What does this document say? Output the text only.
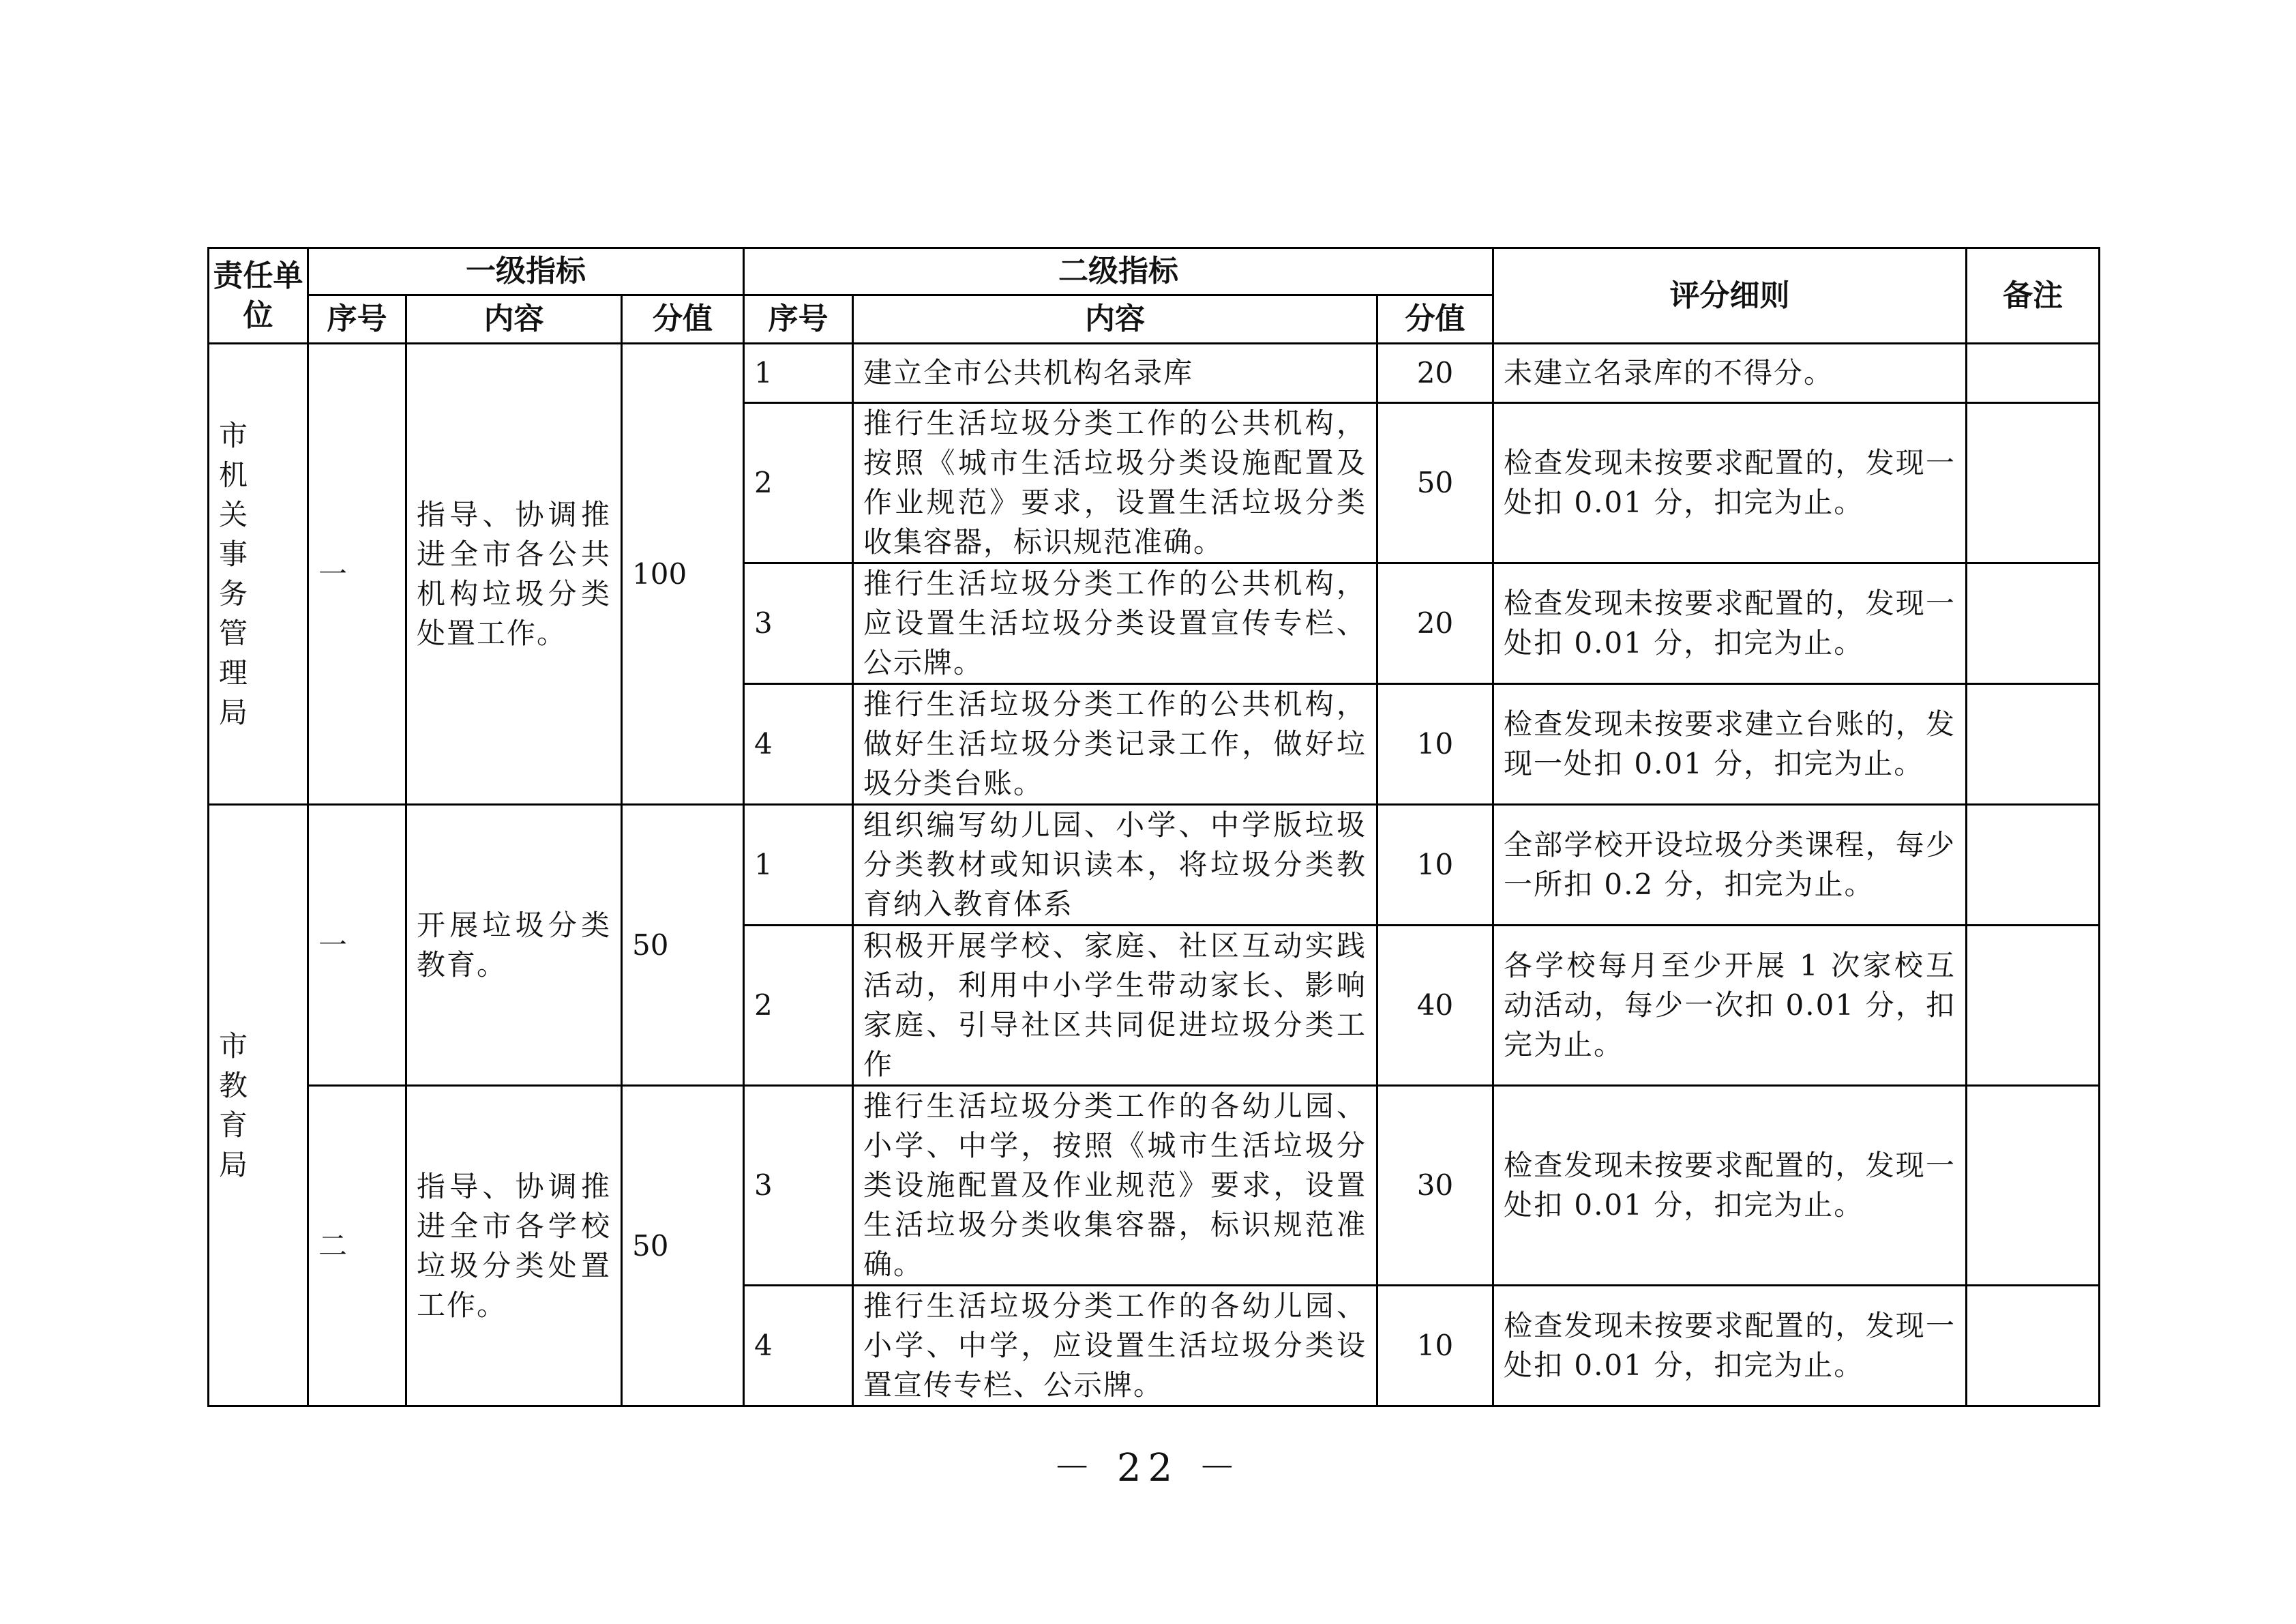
责任单位	一级指标			二级指标			评分细则	备注
	序号	内容	分值	序号	内容	分值		
市机关事务管理局	一	指导、协调推进全市各公共机构垃圾分类处置工作。	100	1	建立全市公共机构名录库	20	未建立名录库的不得分。	
				2	推行生活垃圾分类工作的公共机构，按照《城市生活垃圾分类设施配置及作业规范》要求，设置生活垃圾分类收集容器，标识规范准确。	50	检查发现未按要求配置的，发现一处扣 0.01 分，扣完为止。	
				3	推行生活垃圾分类工作的公共机构，应设置生活垃圾分类设置宣传专栏、公示牌。	20	检查发现未按要求配置的，发现一处扣 0.01 分，扣完为止。	
				4	推行生活垃圾分类工作的公共机构，做好生活垃圾分类记录工作，做好垃圾分类台账。	10	检查发现未按要求建立台账的，发现一处扣 0.01 分，扣完为止。	
市教育局	一	开展垃圾分类教育。	50	1	组织编写幼儿园、小学、中学版垃圾分类教材或知识读本，将垃圾分类教育纳入教育体系	10	全部学校开设垃圾分类课程，每少一所扣 0.2 分，扣完为止。	
				2	积极开展学校、家庭、社区互动实践活动，利用中小学生带动家长、影响家庭、引导社区共同促进垃圾分类工作	40	各学校每月至少开展 1 次家校互动活动，每少一次扣 0.01 分，扣完为止。	
	二	指导、协调推进全市各学校垃圾分类处置工作。	50	3	推行生活垃圾分类工作的各幼儿园、小学、中学，按照《城市生活垃圾分类设施配置及作业规范》要求，设置生活垃圾分类收集容器，标识规范准确。	30	检查发现未按要求配置的，发现一处扣 0.01 分，扣完为止。	
				4	推行生活垃圾分类工作的各幼儿园、小学、中学，应设置生活垃圾分类设置宣传专栏、公示牌。	10	检查发现未按要求配置的，发现一处扣 0.01 分，扣完为止。	
－ 22 －
